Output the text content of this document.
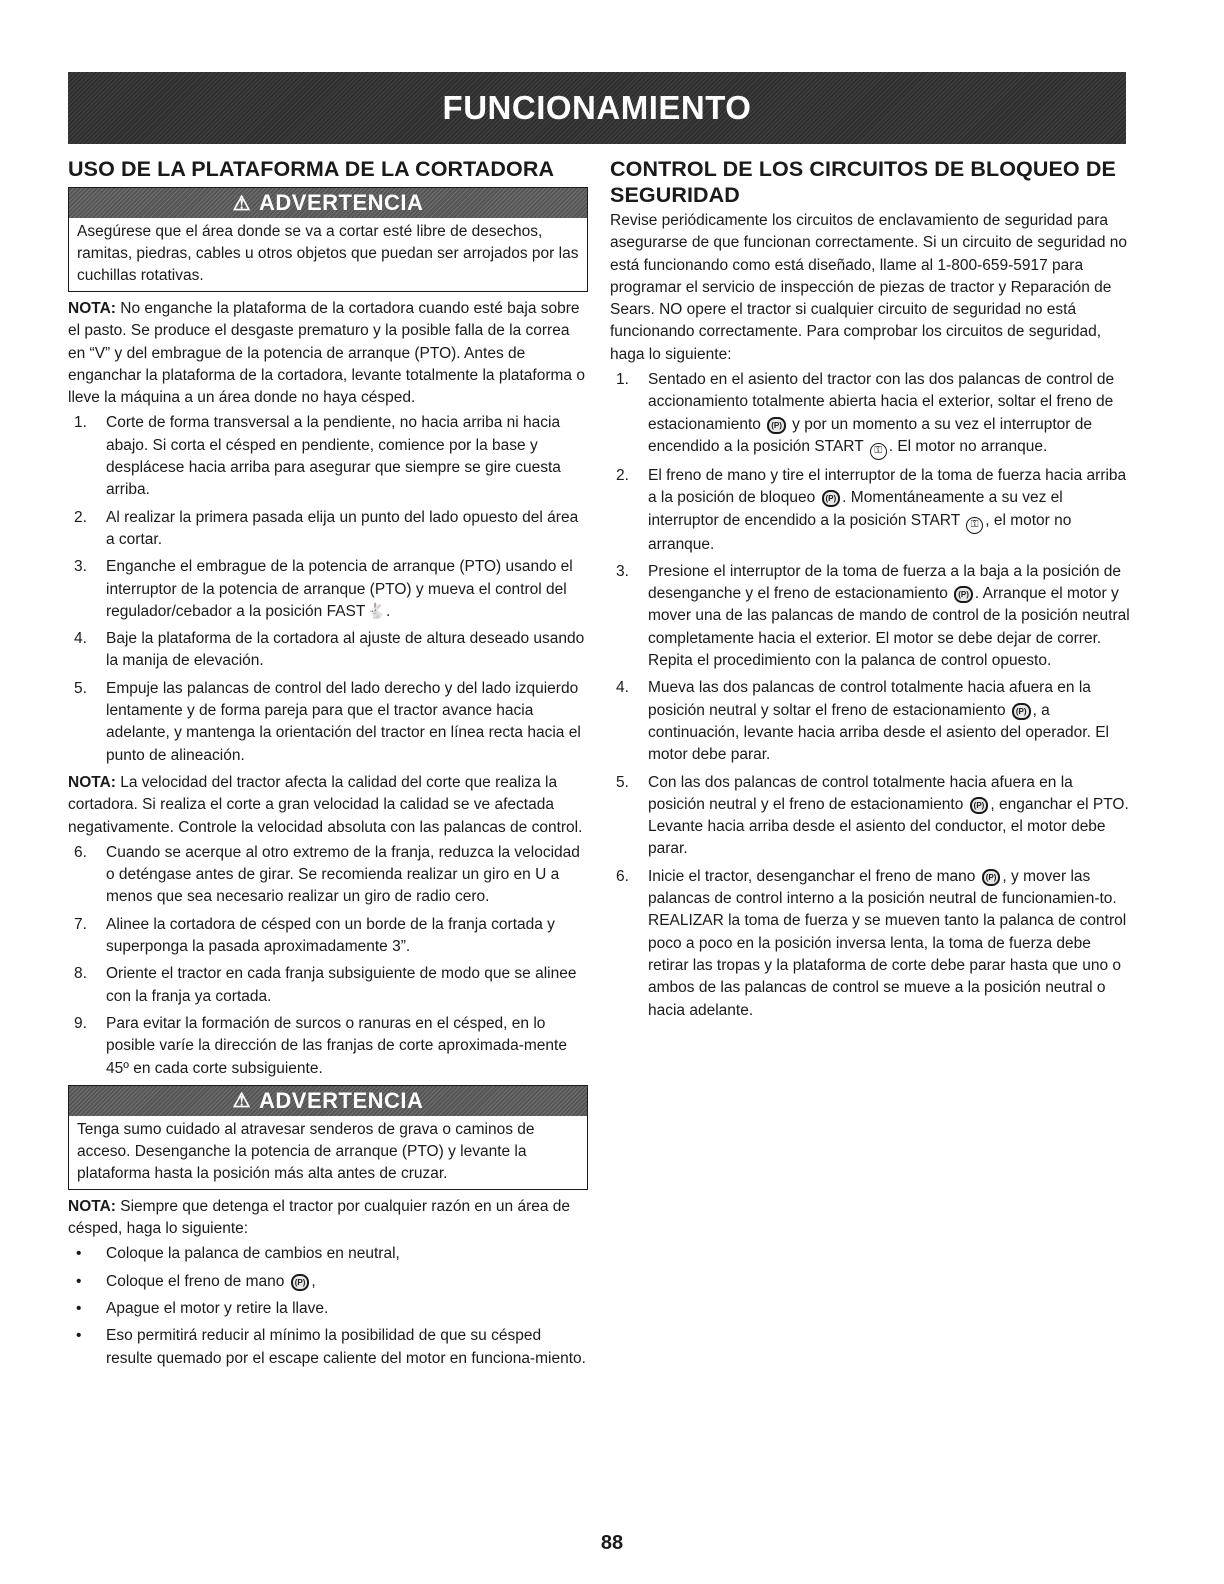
FUNCIONAMIENTO
USO DE LA PLATAFORMA DE LA CORTADORA
⚠ ADVERTENCIA
Asegúrese que el área donde se va a cortar esté libre de desechos, ramitas, piedras, cables u otros objetos que puedan ser arrojados por las cuchillas rotativas.

NOTA: No enganche la plataforma de la cortadora cuando esté baja sobre el pasto. Se produce el desgaste prematuro y la posible falla de la correa en “V” y del embrague de la potencia de arranque (PTO). Antes de enganchar la plataforma de la cortadora, levante totalmente la plataforma o lleve la máquina a un área donde no haya césped.

1. Corte de forma transversal a la pendiente, no hacia arriba ni hacia abajo. Si corta el césped en pendiente, comience por la base y desplácese hacia arriba para asegurar que siempre se gire cuesta arriba.
2. Al realizar la primera pasada elija un punto del lado opuesto del área a cortar.
3. Enganche el embrague de la potencia de arranque (PTO) usando el interruptor de la potencia de arranque (PTO) y mueva el control del regulador/cebador a la posición FAST 🐇.
4. Baje la plataforma de la cortadora al ajuste de altura deseado usando la manija de elevación.
5. Empuje las palancas de control del lado derecho y del lado izquierdo lentamente y de forma pareja para que el tractor avance hacia adelante, y mantenga la orientación del tractor en línea recta hacia el punto de alineación.

NOTA: La velocidad del tractor afecta la calidad del corte que realiza la cortadora. Si realiza el corte a gran velocidad la calidad se ve afectada negativamente. Controle la velocidad absoluta con las palancas de control.

6. Cuando se acerque al otro extremo de la franja, reduzca la velocidad o deténgase antes de girar. Se recomienda realizar un giro en U a menos que sea necesario realizar un giro de radio cero.
7. Alinee la cortadora de césped con un borde de la franja cortada y superponga la pasada aproximadamente 3”.
8. Oriente el tractor en cada franja subsiguiente de modo que se alinee con la franja ya cortada.
9. Para evitar la formación de surcos o ranuras en el césped, en lo posible varíe la dirección de las franjas de corte aproximada-mente 45º en cada corte subsiguiente.
⚠ ADVERTENCIA
Tenga sumo cuidado al atravesar senderos de grava o caminos de acceso. Desenganche la potencia de arranque (PTO) y levante la plataforma hasta la posición más alta antes de cruzar.

NOTA: Siempre que detenga el tractor por cualquier razón en un área de césped, haga lo siguiente:

• Coloque la palanca de cambios en neutral,
• Coloque el freno de mano (P) ,
• Apague el motor y retire la llave.
• Eso permitirá reducir al mínimo la posibilidad de que su césped resulte quemado por el escape caliente del motor en funciona-miento.
CONTROL DE LOS CIRCUITOS DE BLOQUEO DE SEGURIDAD

Revise periódicamente los circuitos de enclavamiento de seguridad para asegurarse de que funcionan correctamente. Si un circuito de seguridad no está funcionando como está diseñado, llame al 1-800-659-5917 para programar el servicio de inspección de piezas de tractor y Reparación de Sears. NO opere el tractor si cualquier circuito de seguridad no está funcionando correctamente. Para comprobar los circuitos de seguridad, haga lo siguiente:

1. Sentado en el asiento del tractor con las dos palancas de control de accionamiento totalmente abierta hacia el exterior, soltar el freno de estacionamiento (P) y por un momento a su vez el interruptor de encendido a la posición START ⚿ . El motor no arranque.
2. El freno de mano y tire el interruptor de la toma de fuerza hacia arriba a la posición de bloqueo (P) . Momentáneamente a su vez el interruptor de encendido a la posición START ⚿ , el motor no arranque.
3. Presione el interruptor de la toma de fuerza a la baja a la posición de desenganche y el freno de estacionamiento (P) . Arranque el motor y mover una de las palancas de mando de control de la posición neutral completamente hacia el exterior. El motor se debe dejar de correr. Repita el procedimiento con la palanca de control opuesto.
4. Mueva las dos palancas de control totalmente hacia afuera en la posición neutral y soltar el freno de estacionamiento (P) , a continuación, levante hacia arriba desde el asiento del operador. El motor debe parar.
5. Con las dos palancas de control totalmente hacia afuera en la posición neutral y el freno de estacionamiento (P) , enganchar el PTO. Levante hacia arriba desde el asiento del conductor, el motor debe parar.
6. Inicie el tractor, desenganchar el freno de mano (P) , y mover las palancas de control interno a la posición neutral de funcionamien-to. REALIZAR la toma de fuerza y se mueven tanto la palanca de control poco a poco en la posición inversa lenta, la toma de fuerza debe retirar las tropas y la plataforma de corte debe parar hasta que uno o ambos de las palancas de control se mueve a la posición neutral o hacia adelante.
88
